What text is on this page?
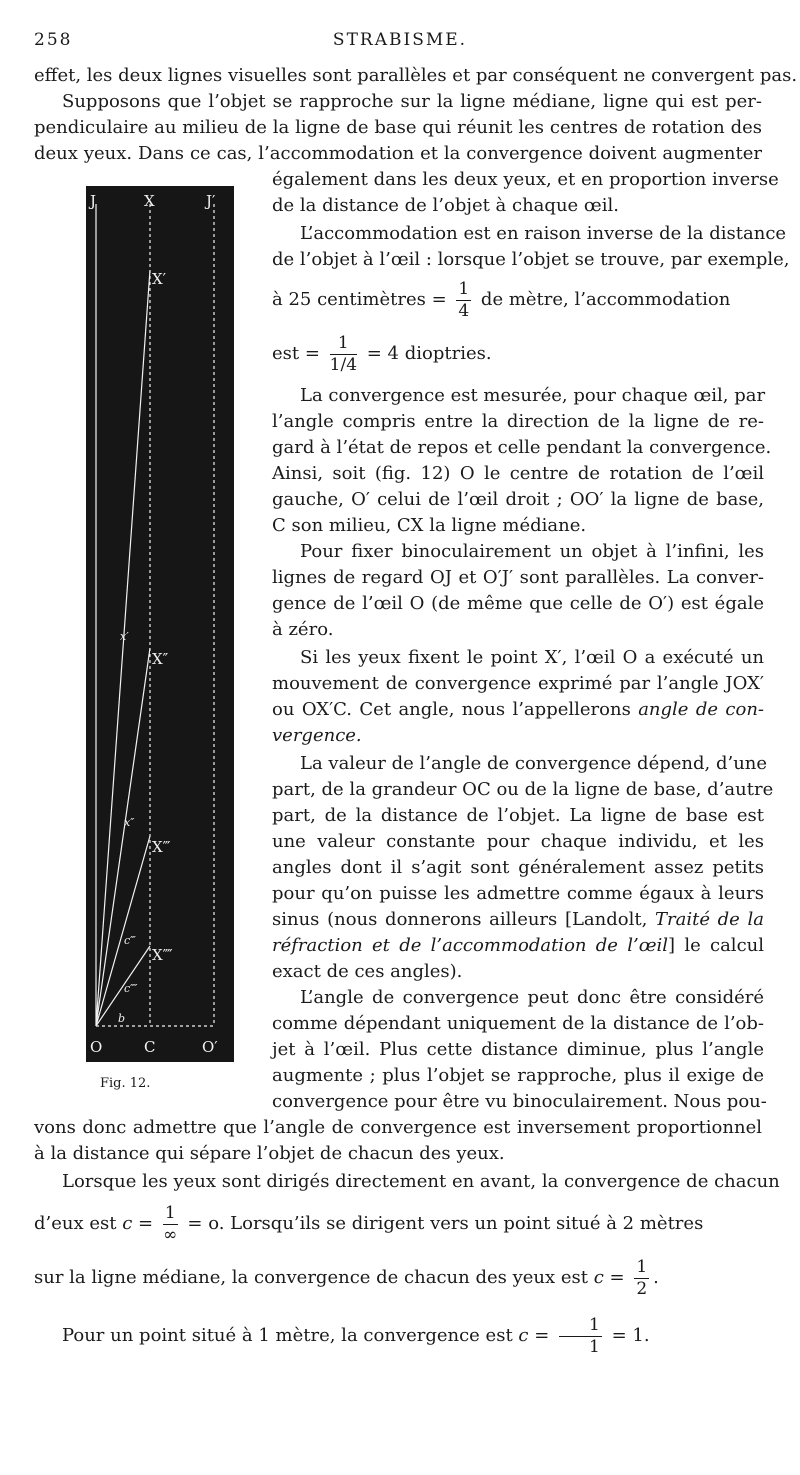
258	STRABISME.
effet, les deux lignes visuelles sont parallèles et par conséquent ne convergent pas.
Supposons que l’objet se rapproche sur la ligne médiane, ligne qui est per-
pendiculaire au milieu de la ligne de base qui réunit les centres de rotation des
deux yeux. Dans ce cas, l’accommodation et la convergence doivent augmenter
J	X	J′
X′
X″
X‴
X⁗
O	C	O′
x′
x″
c‴
c⁗
b
Fig. 12.
également dans les deux yeux, et en proportion inverse
de la distance de l’objet à chaque œil.
L’accommodation est en raison inverse de la distance
de l’objet à l’œil : lorsque l’objet se trouve, par exemple,
à 25 centimètres = $\frac{1}{4}$ de mètre, l’accommodation
est = $\frac{1}{1/4} = 4$ dioptries.
La convergence est mesurée, pour chaque œil, par
l’angle compris entre la direction de la ligne de re-
gard à l’état de repos et celle pendant la convergence.
Ainsi, soit (fig. 12) O le centre de rotation de l’œil
gauche, O′ celui de l’œil droit ; OO′ la ligne de base,
C son milieu, CX la ligne médiane.
Pour fixer binoculairement un objet à l’infini, les
lignes de regard OJ et O′J′ sont parallèles. La conver-
gence de l’œil O (de même que celle de O′) est égale
à zéro.
Si les yeux fixent le point X′, l’œil O a exécuté un
mouvement de convergence exprimé par l’angle JOX′
ou OX′C. Cet angle, nous l’appellerons angle de con-
vergence.
La valeur de l’angle de convergence dépend, d’une
part, de la grandeur OC ou de la ligne de base, d’autre
part, de la distance de l’objet. La ligne de base est
une valeur constante pour chaque individu, et les
angles dont il s’agit sont généralement assez petits
pour qu’on puisse les admettre comme égaux à leurs
sinus (nous donnerons ailleurs [Landolt, Traité de la
réfraction et de l’accommodation de l’œil] le calcul
exact de ces angles).
L’angle de convergence peut donc être considéré
comme dépendant uniquement de la distance de l’ob-
jet à l’œil. Plus cette distance diminue, plus l’angle
augmente ; plus l’objet se rapproche, plus il exige de
convergence pour être vu binoculairement. Nous pou-
vons donc admettre que l’angle de convergence est inversement proportionnel
à la distance qui sépare l’objet de chacun des yeux.
Lorsque les yeux sont dirigés directement en avant, la convergence de chacun
d’eux est $c = \frac{1}{\infty} = o$. Lorsqu’ils se dirigent vers un point situé à 2 mètres
sur la ligne médiane, la convergence de chacun des yeux est $c = \frac{1}{2}$ .
Pour un point situé à 1 mètre, la convergence est $c = \frac{1}{1} = 1$.
